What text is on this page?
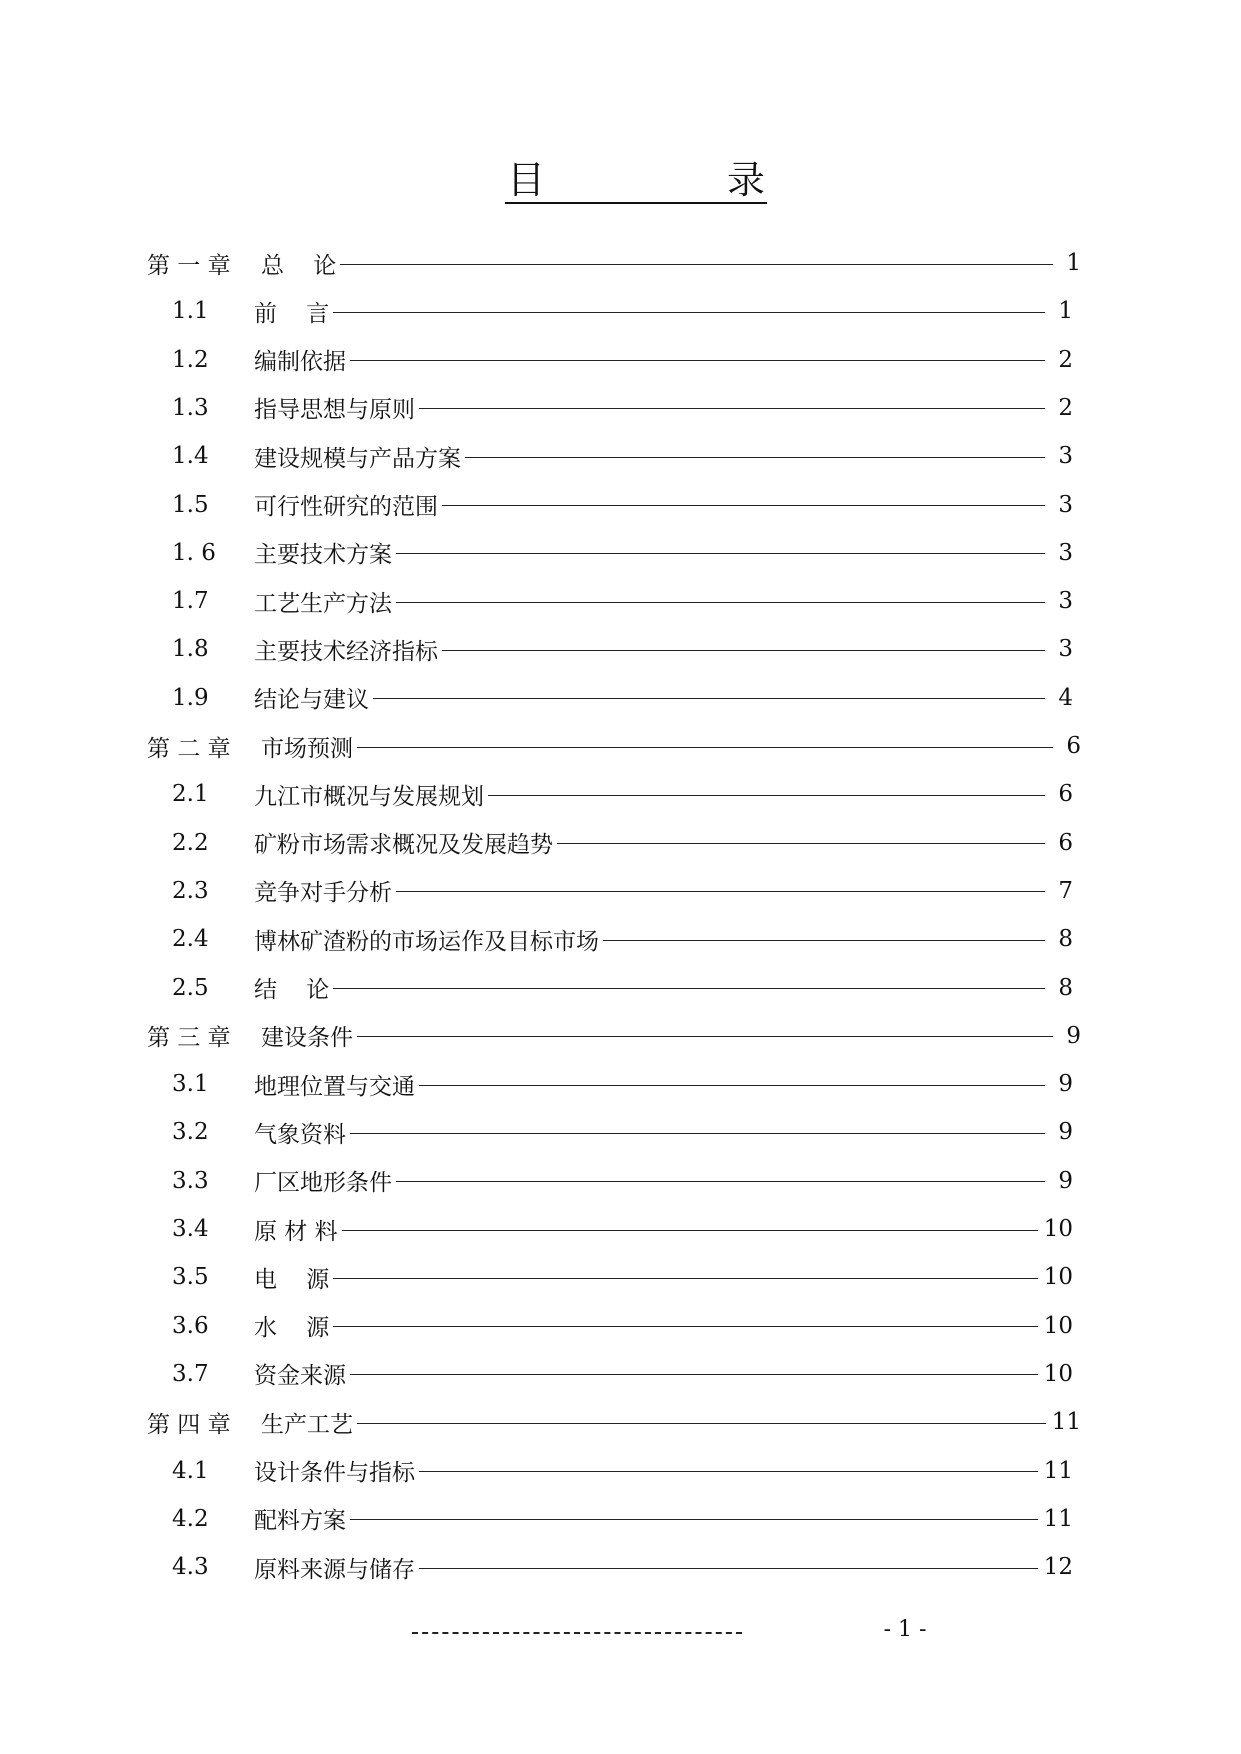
目	录
第 一 章	总    论	1
1.1	前    言	1
1.2	编制依据	2
1.3	指导思想与原则	2
1.4	建设规模与产品方案	3
1.5	可行性研究的范围	3
1. 6	主要技术方案	3
1.7	工艺生产方法	3
1.8	主要技术经济指标	3
1.9	结论与建议	4
第 二 章	市场预测	6
2.1	九江市概况与发展规划	6
2.2	矿粉市场需求概况及发展趋势	6
2.3	竞争对手分析	7
2.4	博林矿渣粉的市场运作及目标市场	8
2.5	结    论	8
第 三 章	建设条件	9
3.1	地理位置与交通	9
3.2	气象资料	9
3.3	厂区地形条件	9
3.4	原 材 料	10
3.5	电    源	10
3.6	水    源	10
3.7	资金来源	10
第 四 章	生产工艺	11
4.1	设计条件与指标	11
4.2	配料方案	11
4.3	原料来源与储存	12
- 1 -
